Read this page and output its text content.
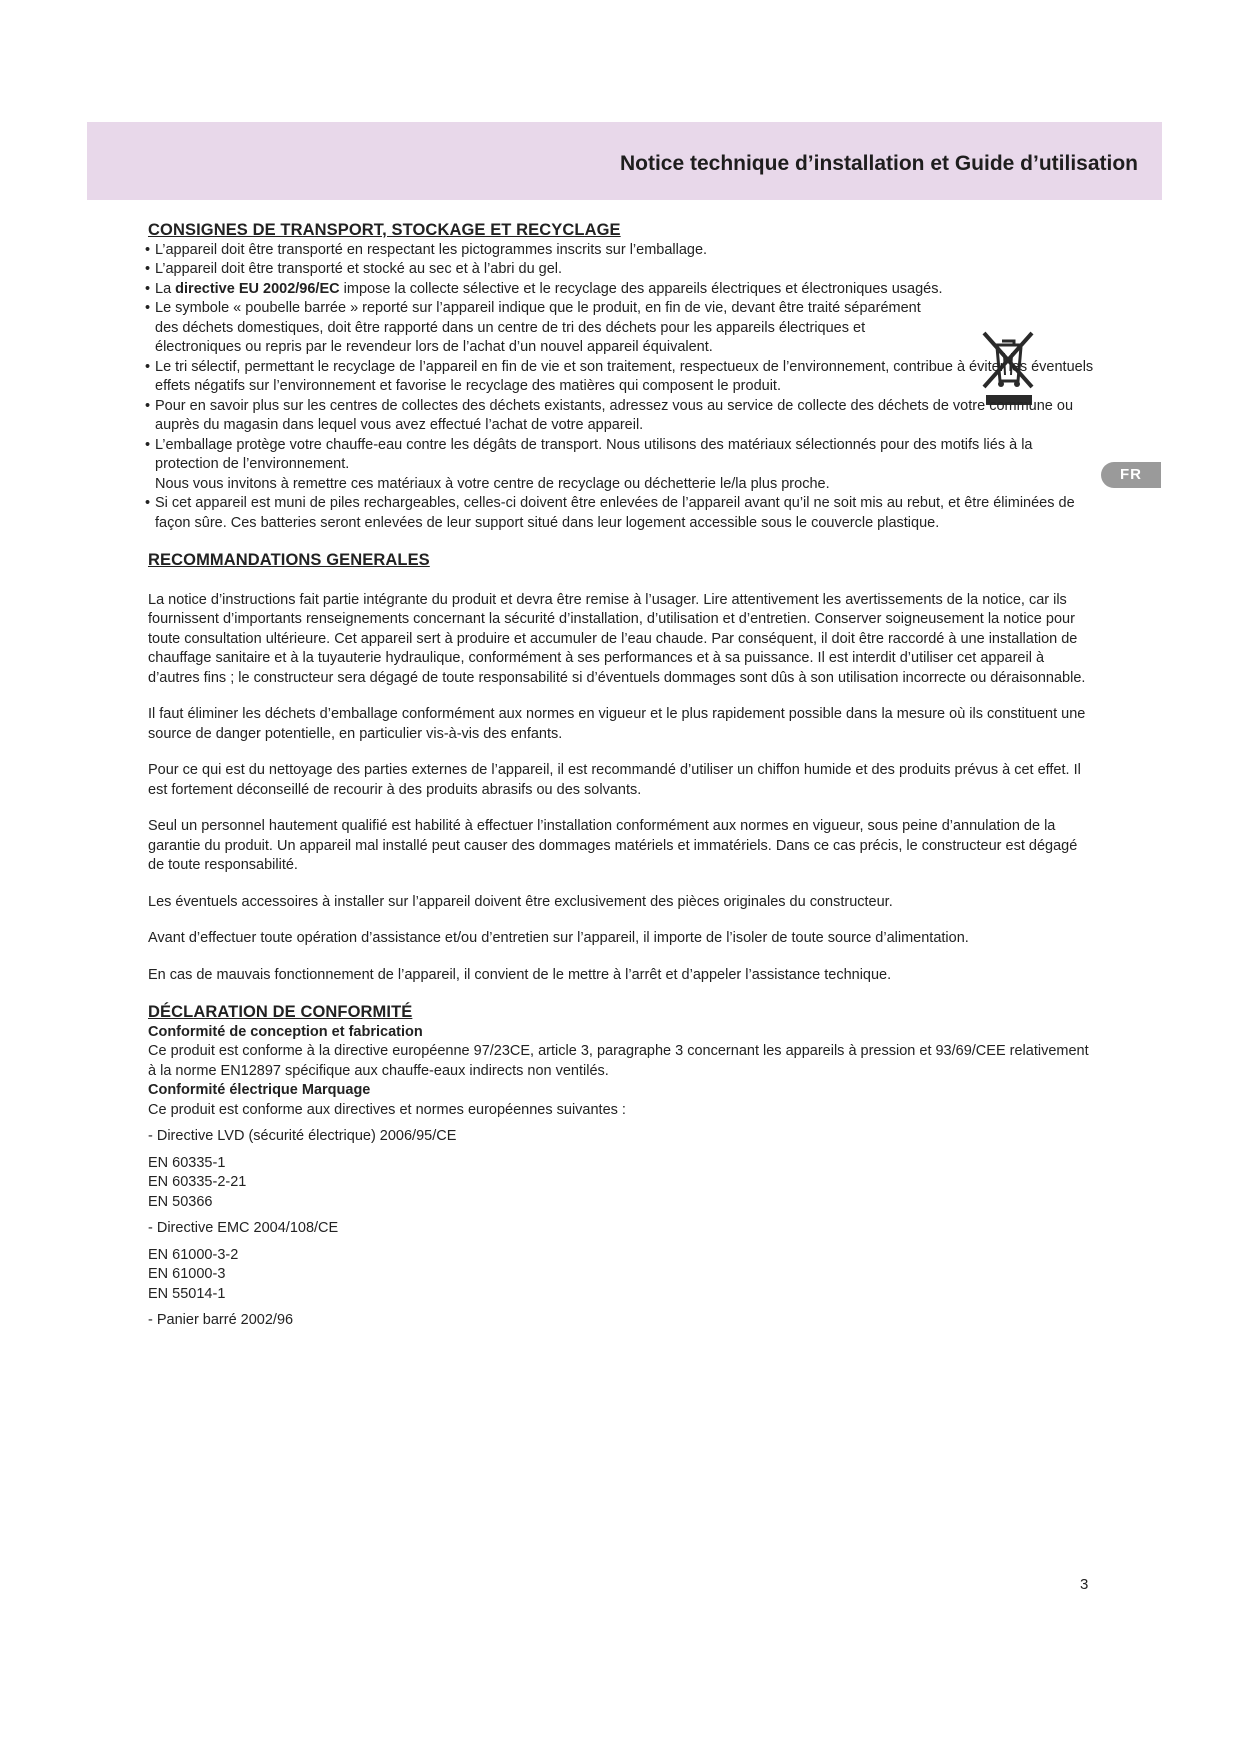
Notice technique d’installation et Guide d’utilisation
FR
CONSIGNES DE TRANSPORT, STOCKAGE ET RECYCLAGE
• L’appareil doit être transporté en respectant les pictogrammes inscrits sur l’emballage.
• L’appareil doit être transporté et stocké au sec et à l’abri du gel.
• La directive EU 2002/96/EC impose la collecte sélective et le recyclage des appareils électriques et électroniques usagés.
• Le symbole « poubelle barrée » reporté sur l’appareil indique que le produit, en fin de vie, devant être traité séparément des déchets domestiques, doit être rapporté dans un centre de tri des déchets pour les appareils électriques et électroniques ou repris par le revendeur lors de l’achat d’un nouvel appareil équivalent.
• Le tri sélectif, permettant le recyclage de l’appareil en fin de vie et son traitement, respectueux de l’environnement, contribue à éviter les éventuels effets négatifs sur l’environnement et favorise le recyclage des matières qui composent le produit.
• Pour en savoir plus sur les centres de collectes des déchets existants, adressez vous au service de collecte des déchets de votre commune ou auprès du magasin dans lequel vous avez effectué l’achat de votre appareil.
• L’emballage protège votre chauffe-eau contre les dégâts de transport. Nous utilisons des matériaux sélectionnés pour des motifs liés à la protection de l’environnement.

Nous vous invitons à remettre ces matériaux à votre centre de recyclage ou déchetterie le/la plus proche.

• Si cet appareil est muni de piles rechargeables, celles-ci doivent être enlevées de l’appareil avant qu’il ne soit mis au rebut, et être éliminées de façon sûre. Ces batteries seront enlevées de leur support situé dans leur logement accessible sous le couvercle plastique.
RECOMMANDATIONS GENERALES

La notice d’instructions fait partie intégrante du produit et devra être remise à l’usager. Lire attentivement les avertissements de la notice, car ils fournissent d’importants renseignements concernant la sécurité d’installation, d’utilisation et d’entretien. Conserver soigneusement la notice pour toute consultation ultérieure. Cet appareil sert à produire et accumuler de l’eau chaude. Par conséquent, il doit être raccordé à une installation de chauffage sanitaire et à la tuyauterie hydraulique, conformément à ses performances et à sa puissance. Il est interdit d’utiliser cet appareil à d’autres fins ; le constructeur sera dégagé de toute responsabilité si d’éventuels dommages sont dûs à son utilisation incorrecte ou déraisonnable.

Il faut éliminer les déchets d’emballage conformément aux normes en vigueur et le plus rapidement possible dans la mesure où ils constituent une source de danger potentielle, en particulier vis-à-vis des enfants.

Pour ce qui est du nettoyage des parties externes de l’appareil, il est recommandé d’utiliser un chiffon humide et des produits prévus à cet effet. Il est fortement déconseillé de recourir à des produits abrasifs ou des solvants.

Seul un personnel hautement qualifié est habilité à effectuer l’installation conformément aux normes en vigueur, sous peine d’annulation de la garantie du produit. Un appareil mal installé peut causer des dommages matériels et immatériels. Dans ce cas précis, le constructeur est dégagé de toute responsabilité.

Les éventuels accessoires à installer sur l’appareil doivent être exclusivement des pièces originales du constructeur.

Avant d’effectuer toute opération d’assistance et/ou d’entretien sur l’appareil, il importe de l’isoler de toute source d’alimentation.

En cas de mauvais fonctionnement de l’appareil, il convient de le mettre à l’arrêt et d’appeler l’assistance technique.

DÉCLARATION DE CONFORMITÉ

Conformité de conception et fabrication

Ce produit est conforme à la directive européenne 97/23CE, article 3, paragraphe 3 concernant les appareils à pression et 93/69/CEE relativement à la norme EN12897 spécifique aux chauffe-eaux indirects non ventilés.

Conformité électrique Marquage

Ce produit est conforme aux directives et normes européennes suivantes :

- Directive LVD (sécurité électrique) 2006/95/CE

EN 60335-1

EN 60335-2-21

EN 50366

- Directive EMC 2004/108/CE

EN 61000-3-2

EN 61000-3

EN 55014-1

- Panier barré 2002/96

3
